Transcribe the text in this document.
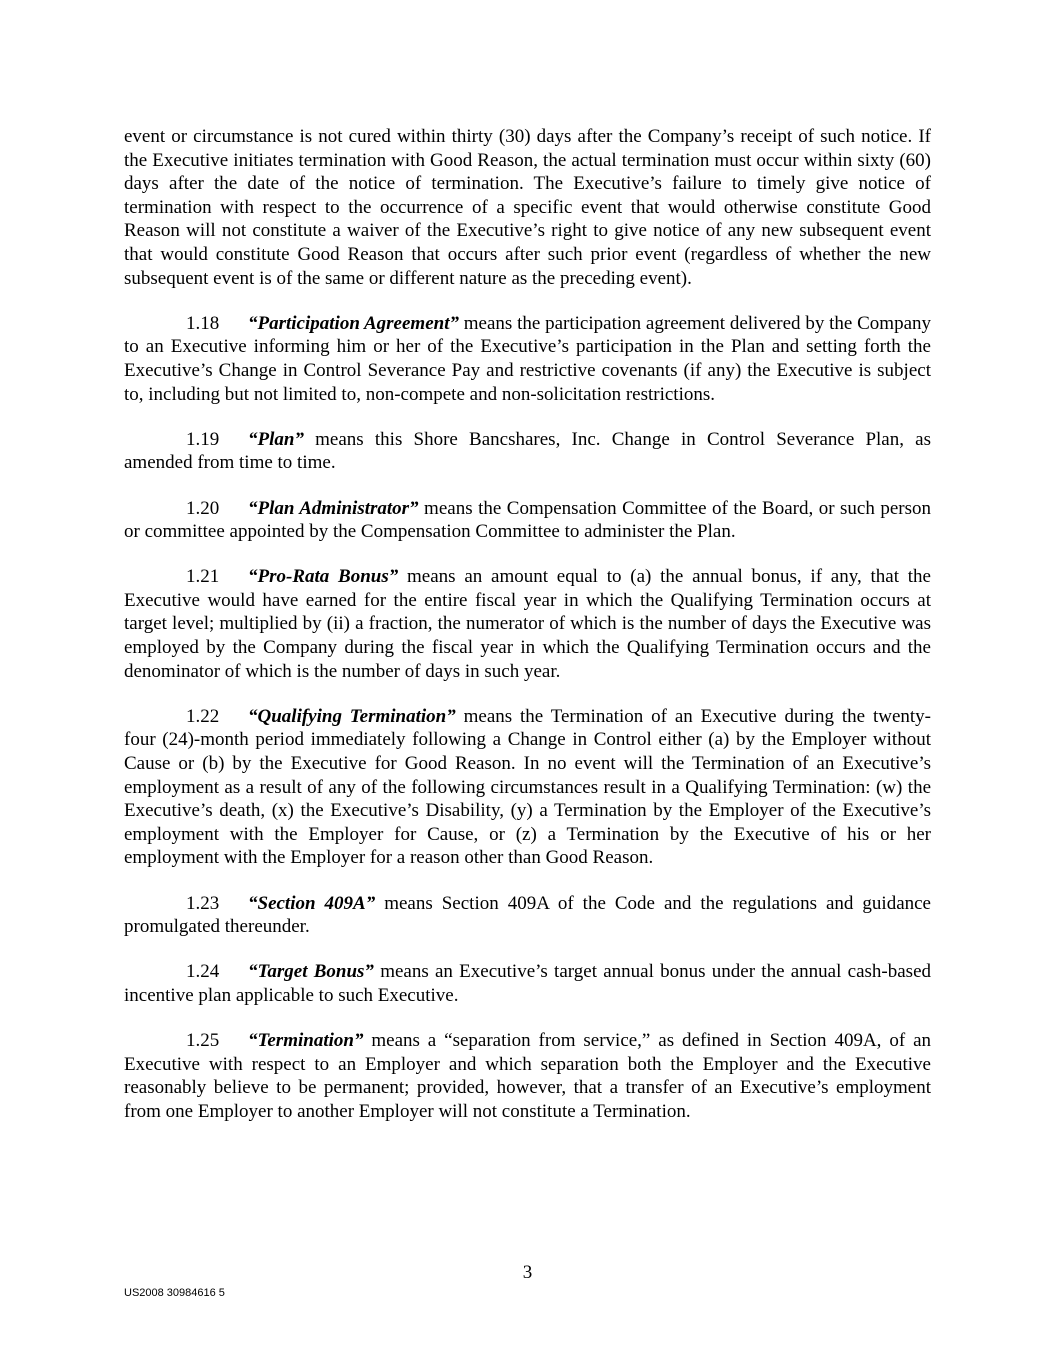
event or circumstance is not cured within thirty (30) days after the Company’s receipt of such notice. If the Executive initiates termination with Good Reason, the actual termination must occur within sixty (60) days after the date of the notice of termination. The Executive’s failure to timely give notice of termination with respect to the occurrence of a specific event that would otherwise constitute Good Reason will not constitute a waiver of the Executive’s right to give notice of any new subsequent event that would constitute Good Reason that occurs after such prior event (regardless of whether the new subsequent event is of the same or different nature as the preceding event).

1.18 “Participation Agreement” means the participation agreement delivered by the Company to an Executive informing him or her of the Executive’s participation in the Plan and setting forth the Executive’s Change in Control Severance Pay and restrictive covenants (if any) the Executive is subject to, including but not limited to, non-compete and non-solicitation restrictions.

1.19 “Plan” means this Shore Bancshares, Inc. Change in Control Severance Plan, as amended from time to time.

1.20 “Plan Administrator” means the Compensation Committee of the Board, or such person or committee appointed by the Compensation Committee to administer the Plan.

1.21 “Pro-Rata Bonus” means an amount equal to (a) the annual bonus, if any, that the Executive would have earned for the entire fiscal year in which the Qualifying Termination occurs at target level; multiplied by (ii) a fraction, the numerator of which is the number of days the Executive was employed by the Company during the fiscal year in which the Qualifying Termination occurs and the denominator of which is the number of days in such year.

1.22 “Qualifying Termination” means the Termination of an Executive during the twenty-four (24)-month period immediately following a Change in Control either (a) by the Employer without Cause or (b) by the Executive for Good Reason. In no event will the Termination of an Executive’s employment as a result of any of the following circumstances result in a Qualifying Termination: (w) the Executive’s death, (x) the Executive’s Disability, (y) a Termination by the Employer of the Executive’s employment with the Employer for Cause, or (z) a Termination by the Executive of his or her employment with the Employer for a reason other than Good Reason.

1.23 “Section 409A” means Section 409A of the Code and the regulations and guidance promulgated thereunder.

1.24 “Target Bonus” means an Executive’s target annual bonus under the annual cash-based incentive plan applicable to such Executive.

1.25 “Termination” means a “separation from service,” as defined in Section 409A, of an Executive with respect to an Employer and which separation both the Employer and the Executive reasonably believe to be permanent; provided, however, that a transfer of an Executive’s employment from one Employer to another Employer will not constitute a Termination.

3
US2008 30984616 5
